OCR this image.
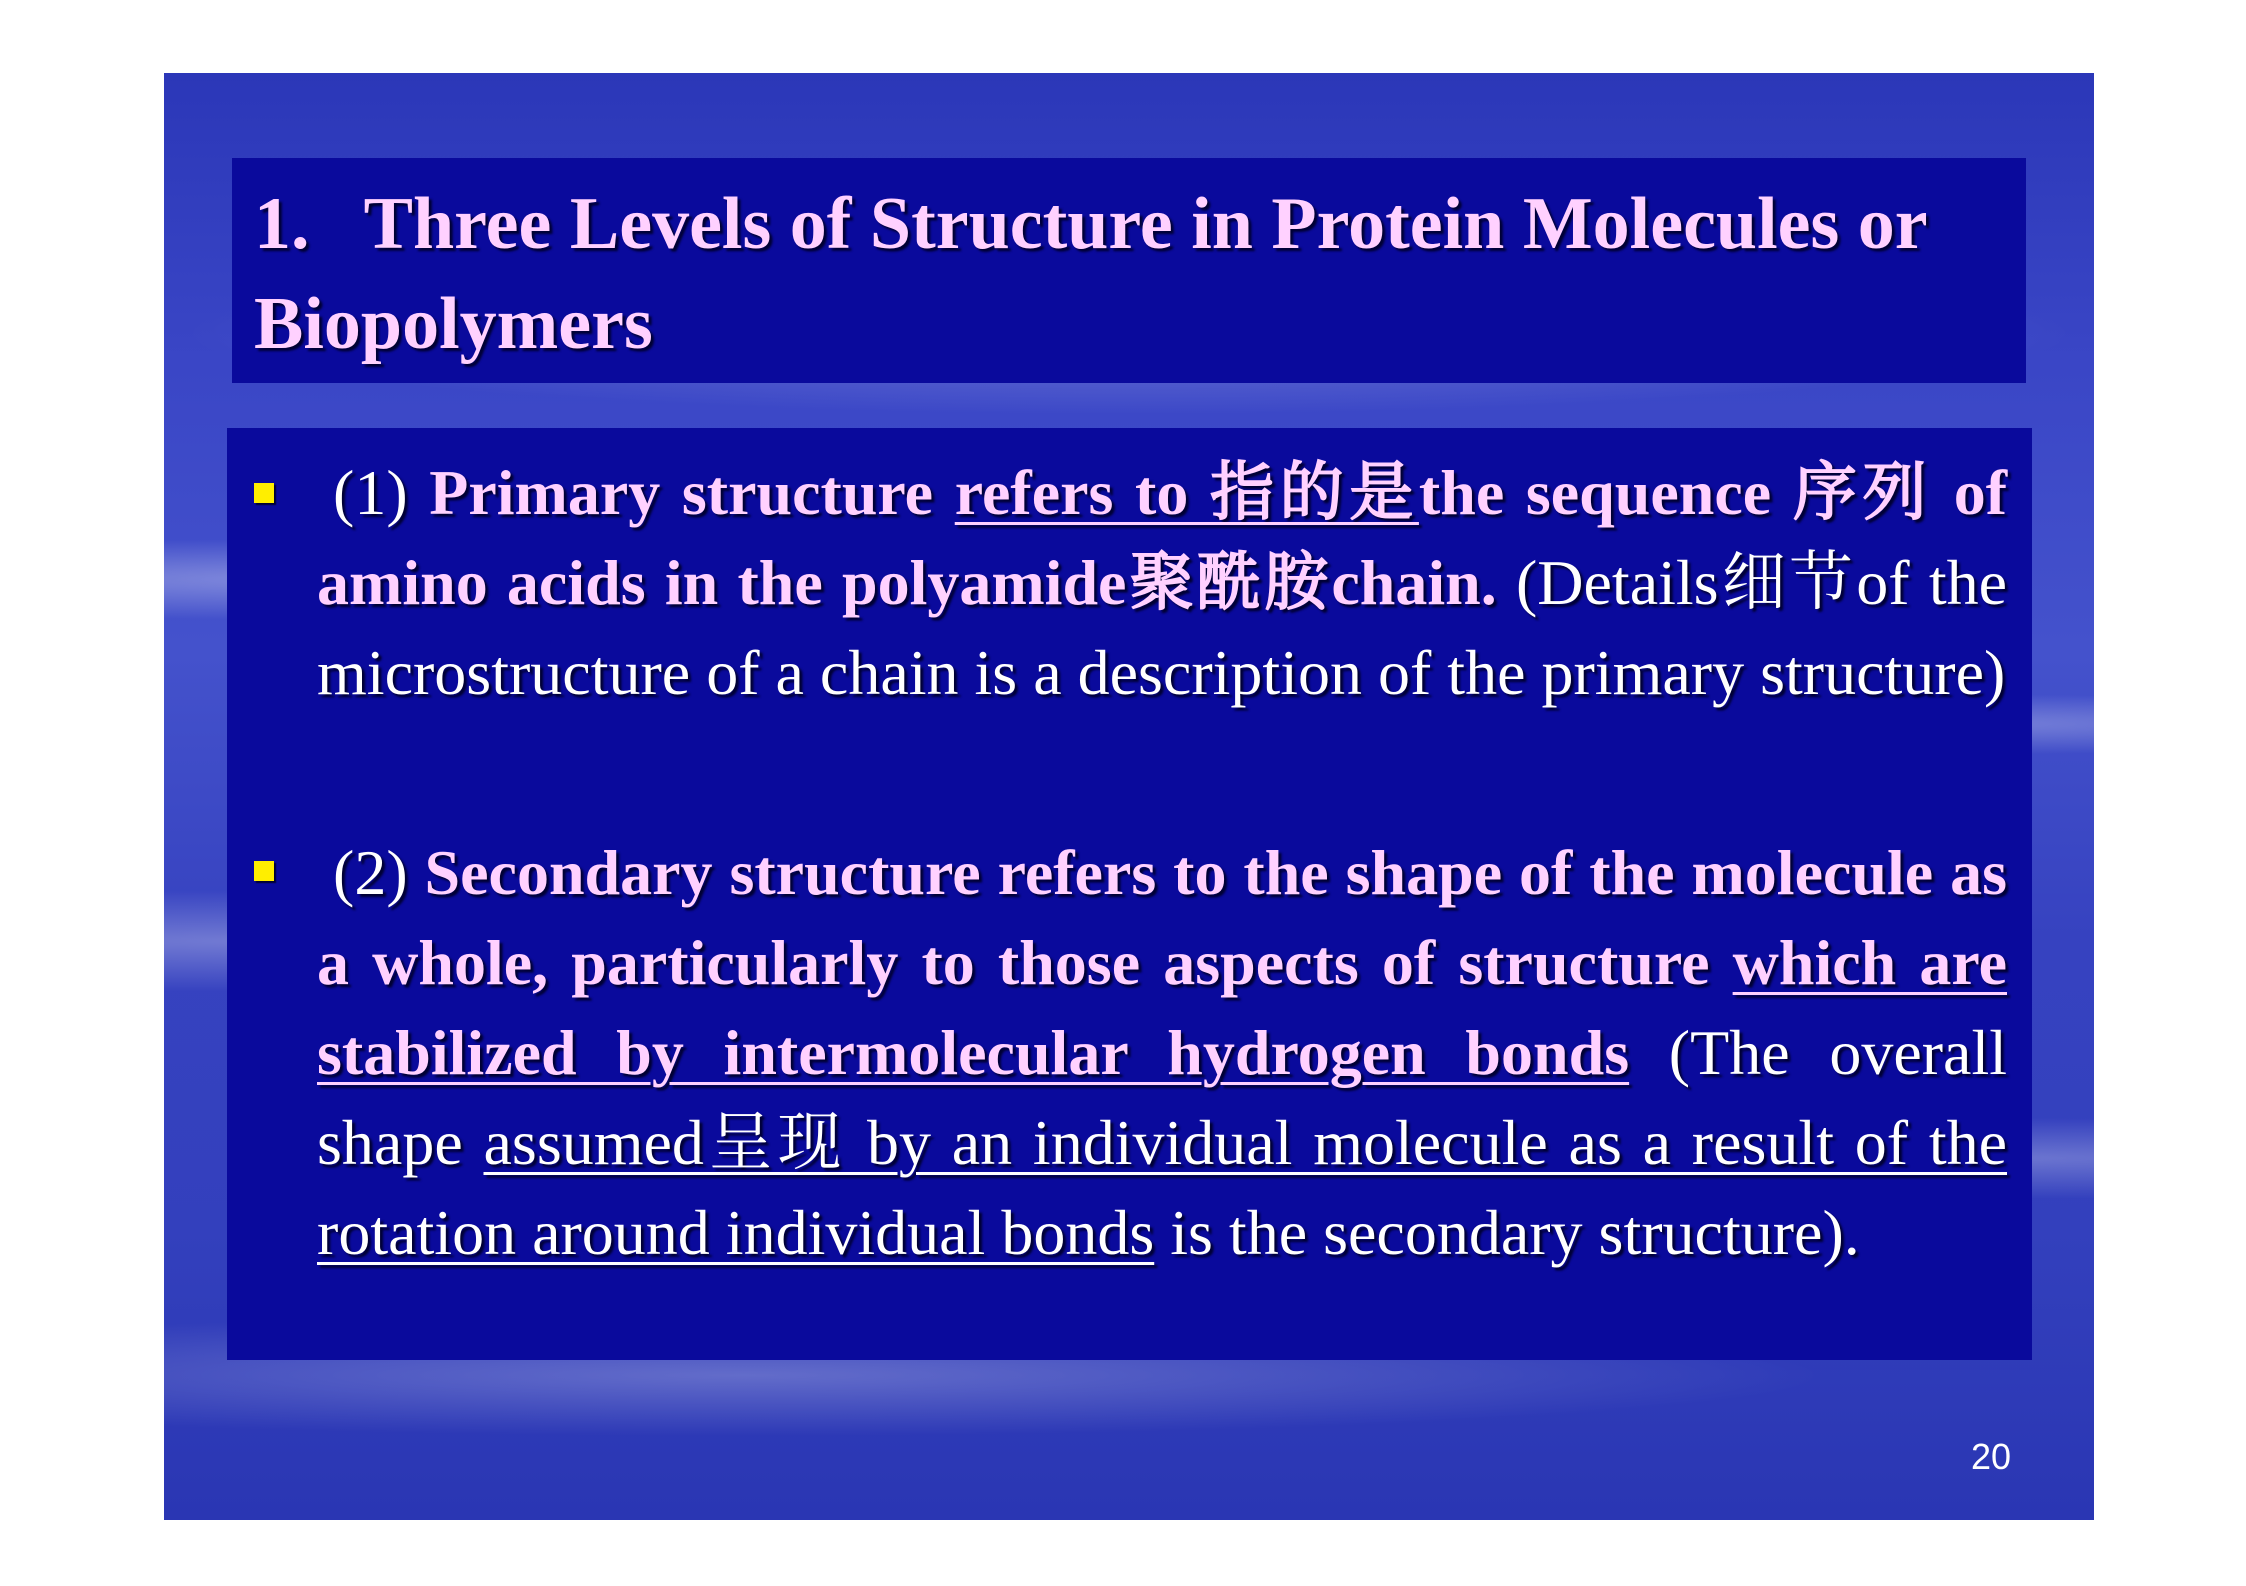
1.   Three Levels of Structure in Protein Molecules or Biopolymers
(1) Primary structure refers to 指的是the sequence 序列 of amino acids in the polyamide聚酰胺chain. (Details细节of the microstructure of a chain is a description of the primary structure)
(2) Secondary structure refers to the shape of the molecule as a whole, particularly to those aspects of structure which are stabilized by intermolecular hydrogen bonds (The overall shape assumed呈现 by an individual molecule as a result of the rotation around individual bonds is the secondary structure).
20
